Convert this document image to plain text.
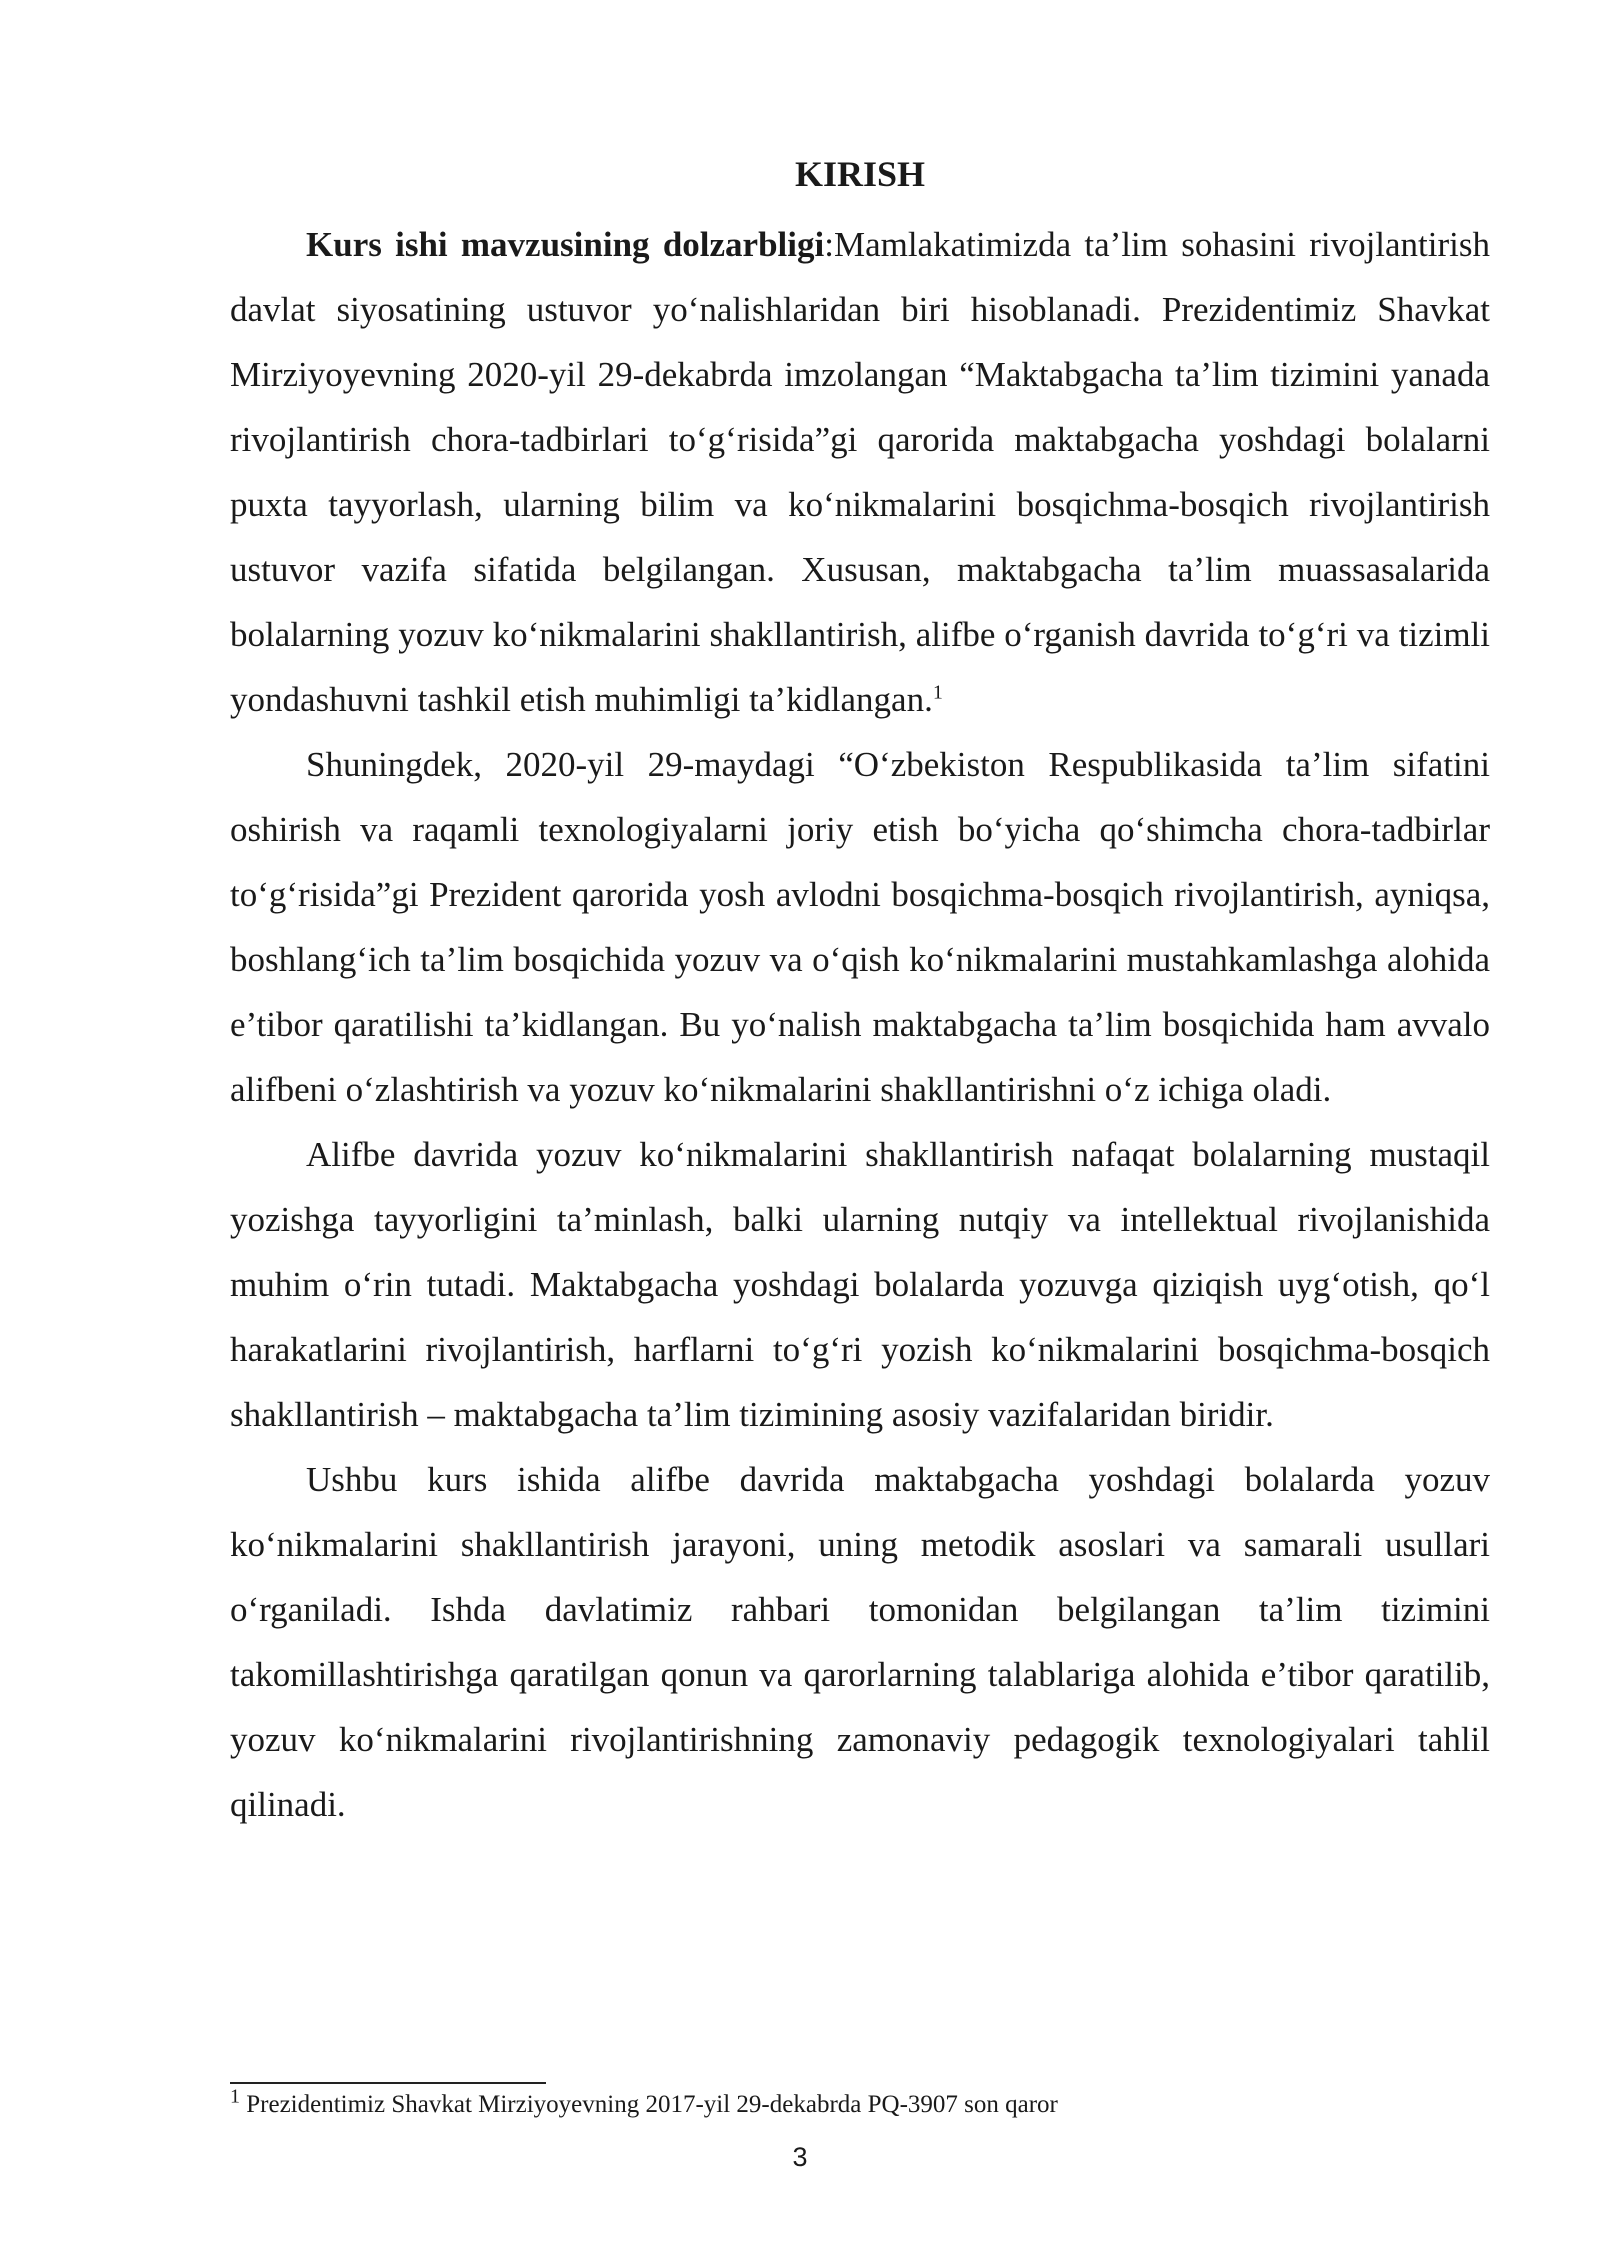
KIRISH

Kurs ishi mavzusining dolzarbligi:Mamlakatimizda ta’lim sohasini rivojlantirish davlat siyosatining ustuvor yo‘nalishlaridan biri hisoblanadi. Prezidentimiz Shavkat Mirziyoyevning 2020-yil 29-dekabrda imzolangan “Maktabgacha ta’lim tizimini yanada rivojlantirish chora-tadbirlari to‘g‘risida”gi qarorida maktabgacha yoshdagi bolalarni puxta tayyorlash, ularning bilim va ko‘nikmalarini bosqichma-bosqich rivojlantirish ustuvor vazifa sifatida belgilangan. Xususan, maktabgacha ta’lim muassasalarida bolalarning yozuv ko‘nikmalarini shakllantirish, alifbe o‘rganish davrida to‘g‘ri va tizimli yondashuvni tashkil etish muhimligi ta’kidlangan.$^1$

Shuningdek, 2020-yil 29-maydagi “O‘zbekiston Respublikasida ta’lim sifatini oshirish va raqamli texnologiyalarni joriy etish bo‘yicha qo‘shimcha chora-tadbirlar to‘g‘risida”gi Prezident qarorida yosh avlodni bosqichma-bosqich rivojlantirish, ayniqsa, boshlang‘ich ta’lim bosqichida yozuv va o‘qish ko‘nikmalarini mustahkamlashga alohida e’tibor qaratilishi ta’kidlangan. Bu yo‘nalish maktabgacha ta’lim bosqichida ham avvalo alifbeni o‘zlashtirish va yozuv ko‘nikmalarini shakllantirishni o‘z ichiga oladi.

Alifbe davrida yozuv ko‘nikmalarini shakllantirish nafaqat bolalarning mustaqil yozishga tayyorligini ta’minlash, balki ularning nutqiy va intellektual rivojlanishida muhim o‘rin tutadi. Maktabgacha yoshdagi bolalarda yozuvga qiziqish uyg‘otish, qo‘l harakatlarini rivojlantirish, harflarni to‘g‘ri yozish ko‘nikmalarini bosqichma-bosqich shakllantirish – maktabgacha ta’lim tizimining asosiy vazifalaridan biridir.

Ushbu kurs ishida alifbe davrida maktabgacha yoshdagi bolalarda yozuv ko‘nikmalarini shakllantirish jarayoni, uning metodik asoslari va samarali usullari o‘rganiladi. Ishda davlatimiz rahbari tomonidan belgilangan ta’lim tizimini takomillashtirishga qaratilgan qonun va qarorlarning talablariga alohida e’tibor qaratilib, yozuv ko‘nikmalarini rivojlantirishning zamonaviy pedagogik texnologiyalari tahlil qilinadi.

$^1$ Prezidentimiz Shavkat Mirziyoyevning 2017-yil 29-dekabrda PQ-3907 son qaror
3
